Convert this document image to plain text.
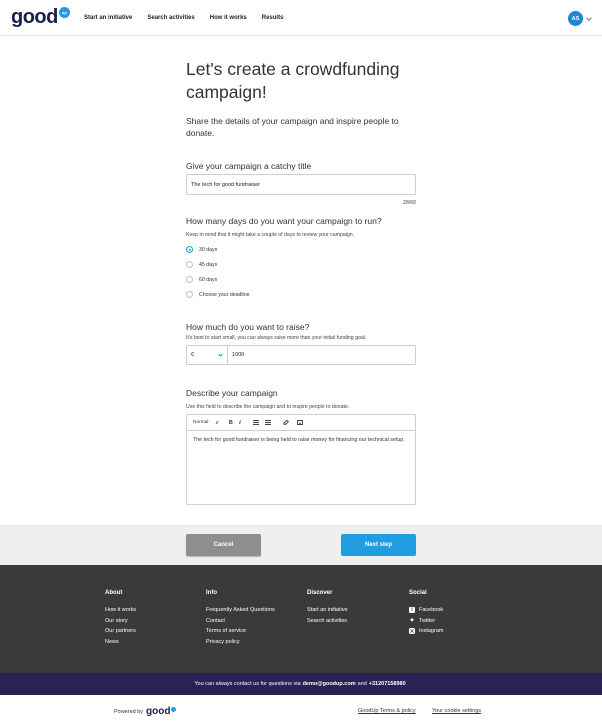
good	up
Start an initiative	Search activities	How it works	Results	AS
Let's create a crowdfunding campaign!

Share the details of your campaign and inspire people to donate.

Give your campaign a catchy title
The tech for good fundraiser
28/60
How many days do you want your campaign to run?
Keep in mind that it might take a couple of days to review your campaign.
30 days
45 days
60 days
Choose your deadline
How much do you want to raise?
It's best to start small, you can always raise more than your initial funding goal.
€
1000
Describe your campaign
Use this field to describe the campaign and to inspire people to donate.
Normal ⇵ B I
The tech for good fundraiser is being held to raise money for financing our technical setup.
Cancel	Next step
About
How it works
Our story
Our partners
News
Info
Frequently Asked Questions
Contact
Terms of service
Privacy policy
Discover
Start an initiative
Search activities
Social
f	Facebook
✦ Twitter
Instagram
You can always contact us for questions via demo@goodup.com and +31207158980
Powered by good	GoodUp Terms & policy	Your cookie settings
